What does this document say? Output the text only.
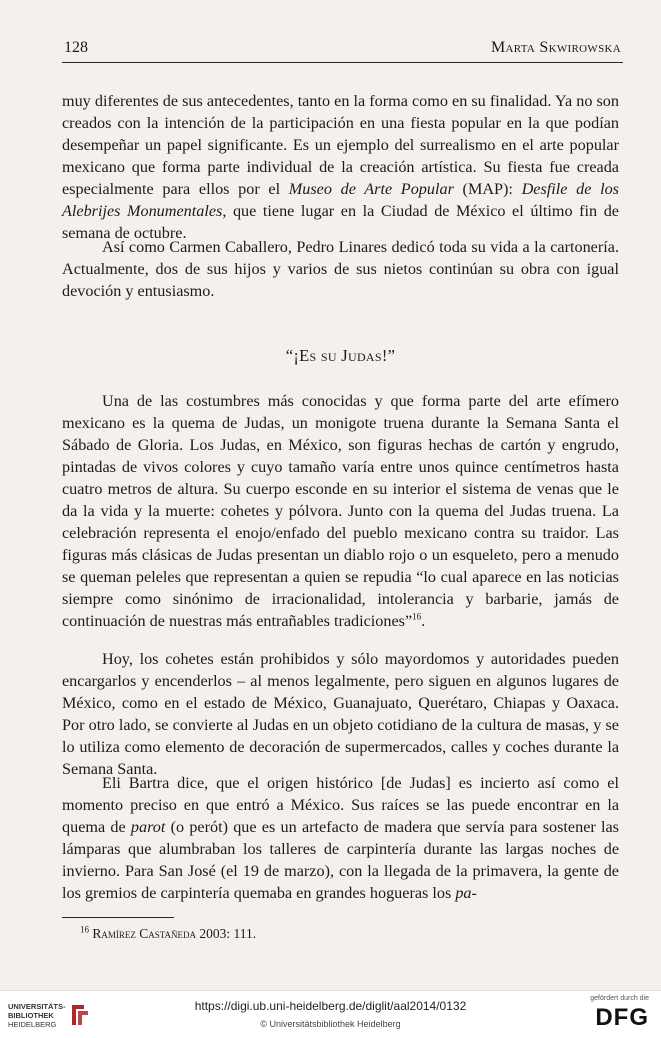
128	Marta Skwirowska

muy diferentes de sus antecedentes, tanto en la forma como en su finalidad. Ya no son creados con la intención de la participación en una fiesta popular en la que podían desempeñar un papel significante. Es un ejemplo del surrealismo en el arte popular mexicano que forma parte individual de la creación artística. Su fiesta fue creada especialmente para ellos por el Museo de Arte Popular (MAP): Desfile de los Alebrijes Monumentales, que tiene lugar en la Ciudad de México el último fin de semana de octubre.

Así como Carmen Caballero, Pedro Linares dedicó toda su vida a la cartonería. Actualmente, dos de sus hijos y varios de sus nietos continúan su obra con igual devoción y entusiasmo.

“¡Es su Judas!”

Una de las costumbres más conocidas y que forma parte del arte efímero mexicano es la quema de Judas, un monigote truena durante la Semana Santa el Sábado de Gloria. Los Judas, en México, son figuras hechas de cartón y engrudo, pintadas de vivos colores y cuyo tamaño varía entre unos quince centímetros hasta cuatro metros de altura. Su cuerpo esconde en su interior el sistema de venas que le da la vida y la muerte: cohetes y pólvora. Junto con la quema del Judas truena. La celebración representa el enojo/enfado del pueblo mexicano contra su traidor. Las figuras más clásicas de Judas presentan un diablo rojo o un esqueleto, pero a menudo se queman peleles que representan a quien se repudia “lo cual aparece en las noticias siempre como sinónimo de irracionalidad, intolerancia y barbarie, jamás de continuación de nuestras más entrañables tradiciones”$^{16}$.

Hoy, los cohetes están prohibidos y sólo mayordomos y autoridades pueden encargarlos y encenderlos – al menos legalmente, pero siguen en algunos lugares de México, como en el estado de México, Guanajuato, Querétaro, Chiapas y Oaxaca. Por otro lado, se convierte al Judas en un objeto cotidiano de la cultura de masas, y se lo utiliza como elemento de decoración de supermercados, calles y coches durante la Semana Santa.

Eli Bartra dice, que el origen histórico [de Judas] es incierto así como el momento preciso en que entró a México. Sus raíces se las puede encontrar en la quema de parot (o perót) que es un artefacto de madera que servía para sostener las lámparas que alumbraban los talleres de carpintería durante las largas noches de invierno. Para San José (el 19 de marzo), con la llegada de la primavera, la gente de los gremios de carpintería quemaba en grandes hogueras los pa-

$^{16}$ Ramírez Castañeda 2003: 111.
UNIVERSITÄTS-
BIBLIOTHEK
HEIDELBERG
https://digi.ub.uni-heidelberg.de/diglit/aal2014/0132
© Universitätsbibliothek Heidelberg
gefördert durch die
DFG
